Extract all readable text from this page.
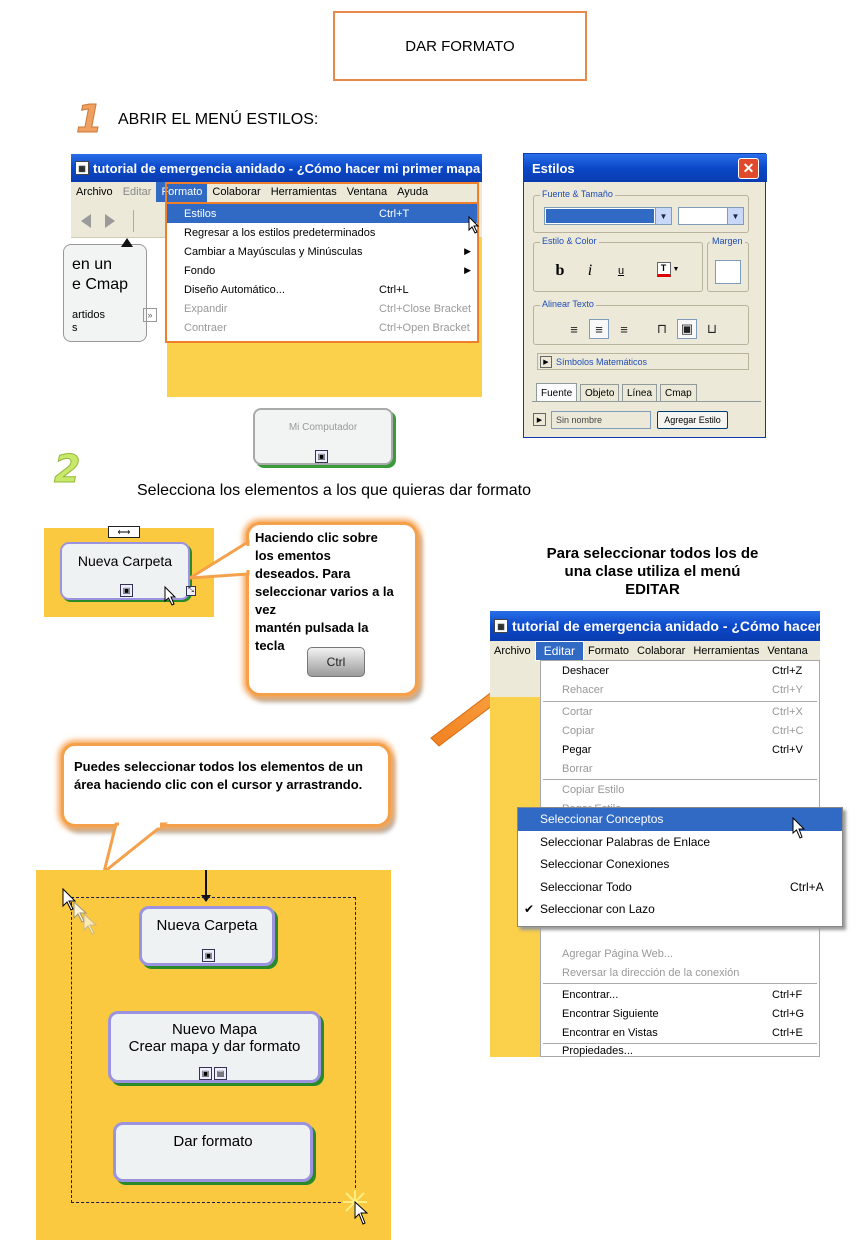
DAR FORMATO
1 ABRIR EL MENÚ ESTILOS:
▦ tutorial de emergencia anidado - ¿Cómo hacer mi primer mapa
Archivo Editar Formato Colaborar Herramientas Ventana Ayuda
en un
e Cmap
artidos
s
»
Mi Computador
▣
Estilos	Ctrl+T
Regresar a los estilos predeterminados
Cambiar a Mayúsculas y Minúsculas	▶
Fondo	▶
Diseño Automático...	Ctrl+L
Expandir	Ctrl+Close Bracket
Contraer	Ctrl+Open Bracket
Estilos	✕
Fuente & Tamaño
▼	▼
Estilo & Color
b	i	u	T ▼
Margen
Alinear Texto
≡	≡	≡	⊓	▣	⊔
▶ Símbolos Matemáticos
Fuente	Objeto	Línea	Cmap
▶	Sin nombre	Agregar Estilo
2	Selecciona los elementos a los que quieras dar formato
⟷
Nueva Carpeta
▣	⤡
Haciendo clic sobre
los ementos
deseados. Para
seleccionar varios a la
vez
mantén pulsada la
tecla
Ctrl
Para seleccionar todos los de
una clase utiliza el menú
EDITAR
▦ tutorial de emergencia anidado - ¿Cómo hacer mi
Archivo	Editar	Formato Colaborar Herramientas Ventana
Deshacer	Ctrl+Z
Rehacer	Ctrl+Y
Cortar	Ctrl+X
Copiar	Ctrl+C
Pegar	Ctrl+V
Borrar
Copiar Estilo
Agregar Página Web...
Reversar la dirección de la conexión
Encontrar...	Ctrl+F
Encontrar Siguiente	Ctrl+G
Encontrar en Vistas	Ctrl+E
Propiedades...
Seleccionar Conceptos
Seleccionar Palabras de Enlace
Seleccionar Conexiones
Seleccionar Todo	Ctrl+A
✔ Seleccionar con Lazo
Puedes seleccionar todos los elementos de un área haciendo clic con el cursor y arrastrando.
Nueva Carpeta
▣
Nuevo Mapa
Crear mapa y dar formato
▣ ▤
Dar formato
